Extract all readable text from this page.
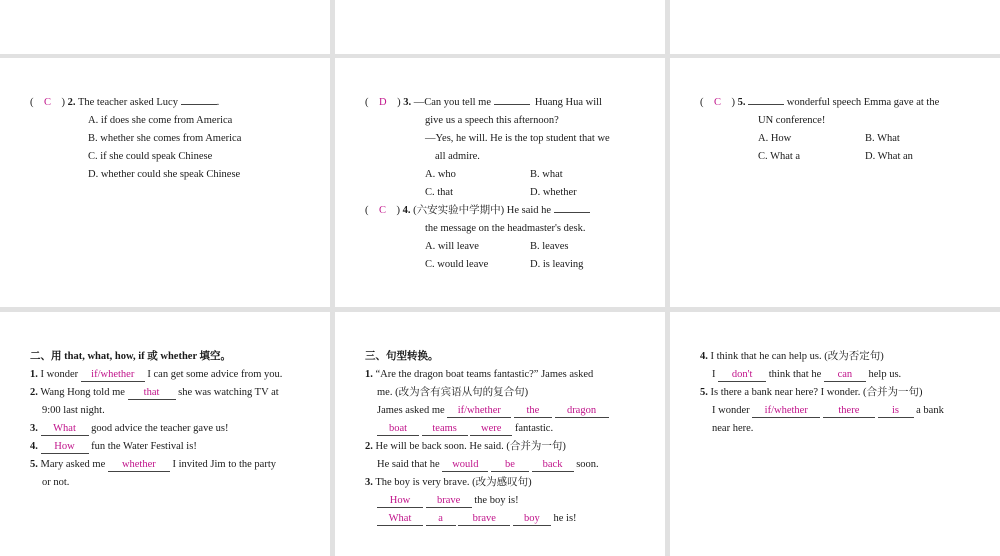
( C ) 2. The teacher asked Lucy	.
A. if does she come from America
B. whether she comes from America
C. if she could speak Chinese
D. whether could she speak Chinese
( D ) 3. —Can you tell me	Huang Hua will
give us a speech this afternoon?
—Yes, he will. He is the top student that we
all admire.
A. who	B. what
C. that	D. whether
( C ) 4. (六安实验中学期中) He said he
the message on the headmaster's desk.
A. will leave	B. leaves
C. would leave	D. is leaving
( C ) 5.	wonderful speech Emma gave at the
UN conference!
A. How	B. What
C. What a	D. What an
二、用 that, what, how, if 或 whether 填空。
1. I wonder if/whether I can get some advice from you.
2. Wang Hong told me that she was watching TV at
9:00 last night.
3. What good advice the teacher gave us!
4. How fun the Water Festival is!
5. Mary asked me whether I invited Jim to the party
or not.
三、句型转换。
1. “Are the dragon boat teams fantastic?” James asked
me. (改为含有宾语从句的复合句)
James asked me if/whether the	dragon
boat teams were fantastic.
2. He will be back soon. He said. (合并为一句)
He said that he would	be	back soon.
3. The boy is very brave. (改为感叹句)
How	brave the boy is!
What	a	brave	boy he is!
4. I think that he can help us. (改为否定句)
I don't think that he can help us.
5. Is there a bank near here? I wonder. (合并为一句)
I wonder if/whether	there	is a bank
near here.
